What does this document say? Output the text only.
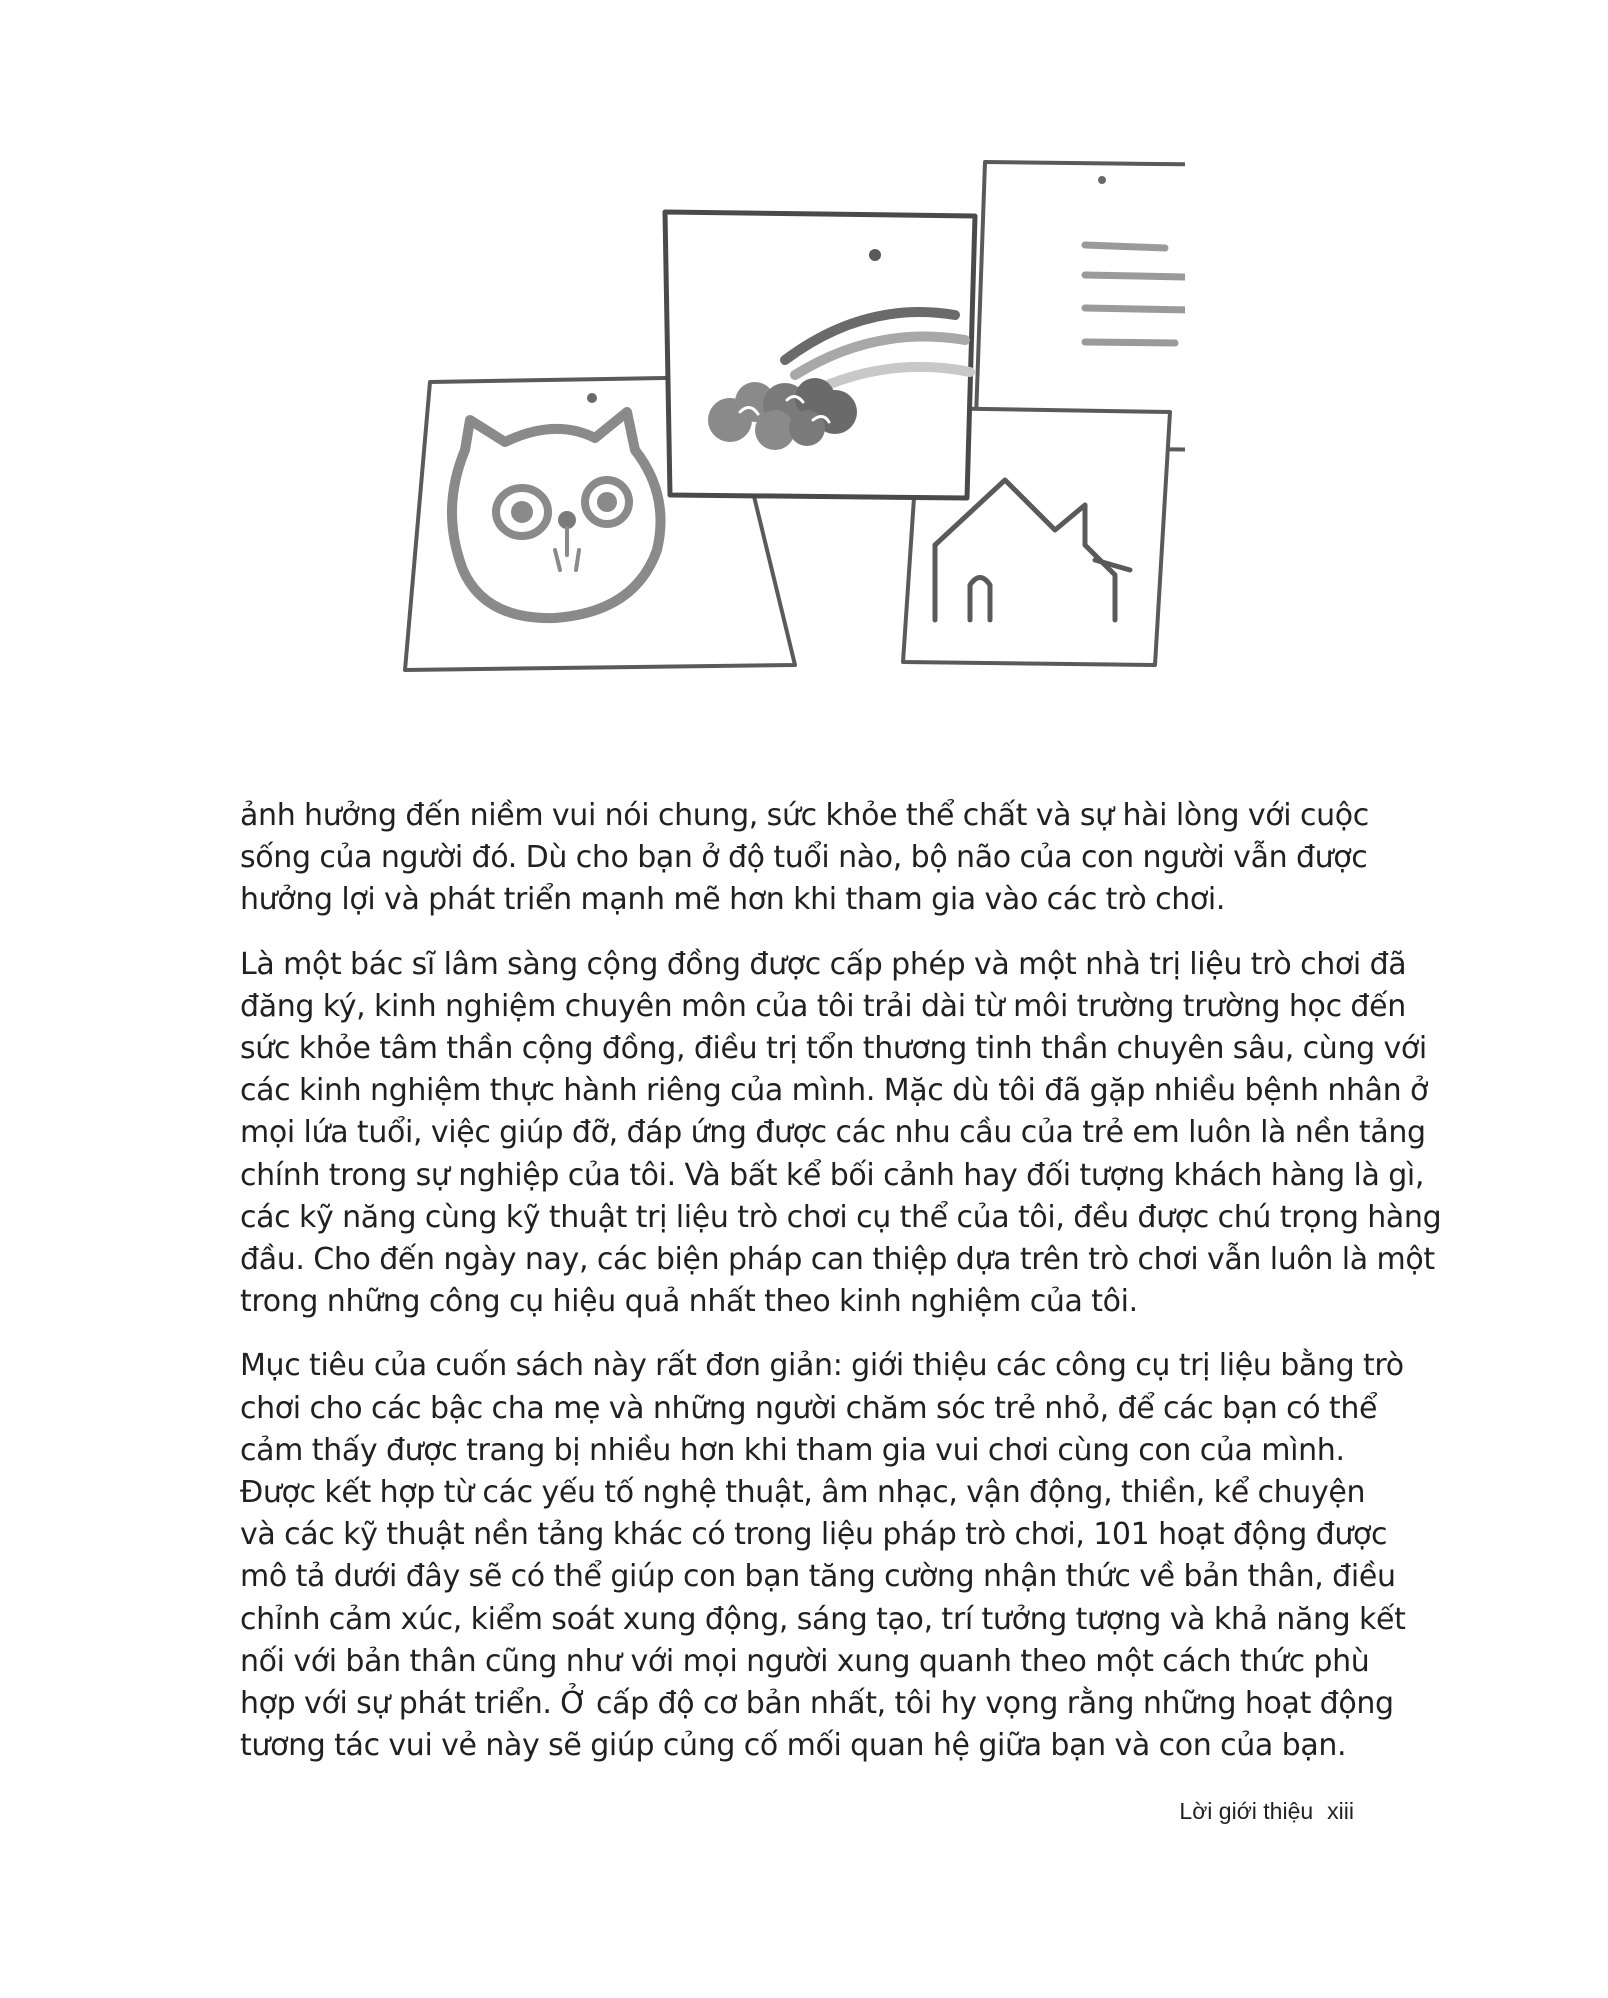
ảnh hưởng đến niềm vui nói chung, sức khỏe thể chất và sự hài lòng với cuộc
sống của người đó. Dù cho bạn ở độ tuổi nào, bộ não của con người vẫn được
hưởng lợi và phát triển mạnh mẽ hơn khi tham gia vào các trò chơi.

Là một bác sĩ lâm sàng cộng đồng được cấp phép và một nhà trị liệu trò chơi đã
đăng ký, kinh nghiệm chuyên môn của tôi trải dài từ môi trường trường học đến
sức khỏe tâm thần cộng đồng, điều trị tổn thương tinh thần chuyên sâu, cùng với
các kinh nghiệm thực hành riêng của mình. Mặc dù tôi đã gặp nhiều bệnh nhân ở
mọi lứa tuổi, việc giúp đỡ, đáp ứng được các nhu cầu của trẻ em luôn là nền tảng
chính trong sự nghiệp của tôi. Và bất kể bối cảnh hay đối tượng khách hàng là gì,
các kỹ năng cùng kỹ thuật trị liệu trò chơi cụ thể của tôi, đều được chú trọng hàng
đầu. Cho đến ngày nay, các biện pháp can thiệp dựa trên trò chơi vẫn luôn là một
trong những công cụ hiệu quả nhất theo kinh nghiệm của tôi.

Mục tiêu của cuốn sách này rất đơn giản: giới thiệu các công cụ trị liệu bằng trò
chơi cho các bậc cha mẹ và những người chăm sóc trẻ nhỏ, để các bạn có thể
cảm thấy được trang bị nhiều hơn khi tham gia vui chơi cùng con của mình.
Được kết hợp từ các yếu tố nghệ thuật, âm nhạc, vận động, thiền, kể chuyện
và các kỹ thuật nền tảng khác có trong liệu pháp trò chơi, 101 hoạt động được
mô tả dưới đây sẽ có thể giúp con bạn tăng cường nhận thức về bản thân, điều
chỉnh cảm xúc, kiểm soát xung động, sáng tạo, trí tưởng tượng và khả năng kết
nối với bản thân cũng như với mọi người xung quanh theo một cách thức phù
hợp với sự phát triển. Ở cấp độ cơ bản nhất, tôi hy vọng rằng những hoạt động
tương tác vui vẻ này sẽ giúp củng cố mối quan hệ giữa bạn và con của bạn.

Lời giới thiệu xiii
